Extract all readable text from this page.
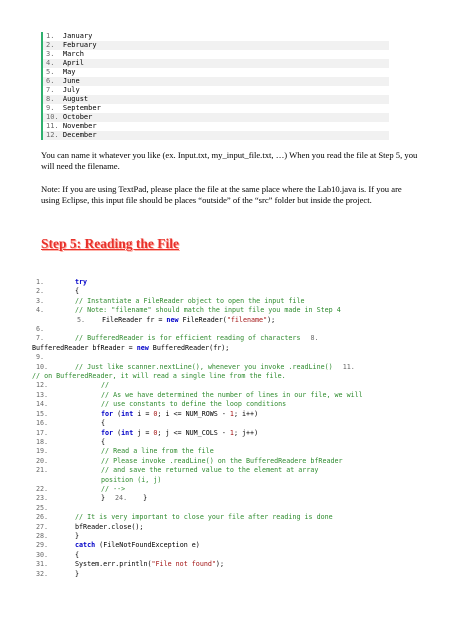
1.  January
2.  February
3.  March
4.  April
5.  May
6.  June
7.  July
8.  August
9.  September
10. October
11. November
12. December

You can name it whatever you like (ex. Input.txt, my_input_file.txt, …) When you read the file at Step 5, you will need the filename.

Note: If you are using TextPad, please place the file at the same place where the Lab10.java is. If you are using Eclipse, this input file should be places “outside” of the “src” folder but inside the project.

Step 5: Reading the File
1.	try
2.	{
3.	// Instantiate a FileReader object to open the input file
4.	// Note: "filename" should match the input file you made in Step 4
5.	FileReader fr = new FileReader("filename");
6.
7.	// BufferedReader is for efficient reading of characters 8.
BufferedReader bfReader = new BufferedReader(fr);
9.
10.	// Just like scanner.nextLine(), whenever you invoke .readLine() 11.
// on BufferedReader, it will read a single line from the file.
12.	//
13.	// As we have determined the number of lines in our file, we will
14.	// use constants to define the loop conditions
15.	for (int i = 0; i <= NUM_ROWS - 1; i++)
16.	{
17.	for (int j = 0; j <= NUM_COLS - 1; j++)
18.	{
19.	// Read a line from the file
20.	// Please invoke .readLine() on the BufferedReadere bfReader
21.	// and save the returned value to the element at array position (i, j)
22.	// -->
23.	} 24. }
25.
26.	// It is very important to close your file after reading is done
27.	bfReader.close();
28.	}
29.	catch (FileNotFoundException e)
30.	{
31.	System.err.println("File not found");
32.	}
